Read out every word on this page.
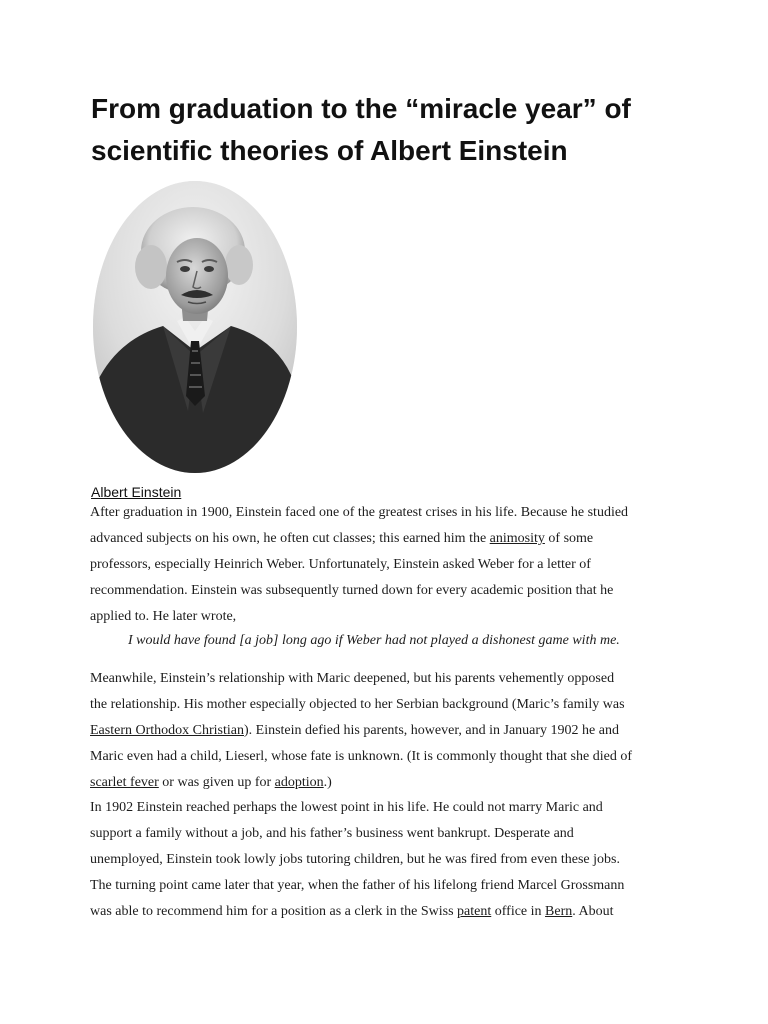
From graduation to the “miracle year” of
scientific theories of Albert Einstein
Albert Einstein
After graduation in 1900, Einstein faced one of the greatest crises in his life. Because he studied
advanced subjects on his own, he often cut classes; this earned him the animosity of some
professors, especially Heinrich Weber. Unfortunately, Einstein asked Weber for a letter of
recommendation. Einstein was subsequently turned down for every academic position that he
applied to. He later wrote,
I would have found [a job] long ago if Weber had not played a dishonest game with me.
Meanwhile, Einstein’s relationship with Maric deepened, but his parents vehemently opposed
the relationship. His mother especially objected to her Serbian background (Maric’s family was
Eastern Orthodox Christian). Einstein defied his parents, however, and in January 1902 he and
Maric even had a child, Lieserl, whose fate is unknown. (It is commonly thought that she died of
scarlet fever or was given up for adoption.)
In 1902 Einstein reached perhaps the lowest point in his life. He could not marry Maric and
support a family without a job, and his father’s business went bankrupt. Desperate and
unemployed, Einstein took lowly jobs tutoring children, but he was fired from even these jobs.
The turning point came later that year, when the father of his lifelong friend Marcel Grossmann
was able to recommend him for a position as a clerk in the Swiss patent office in Bern. About
